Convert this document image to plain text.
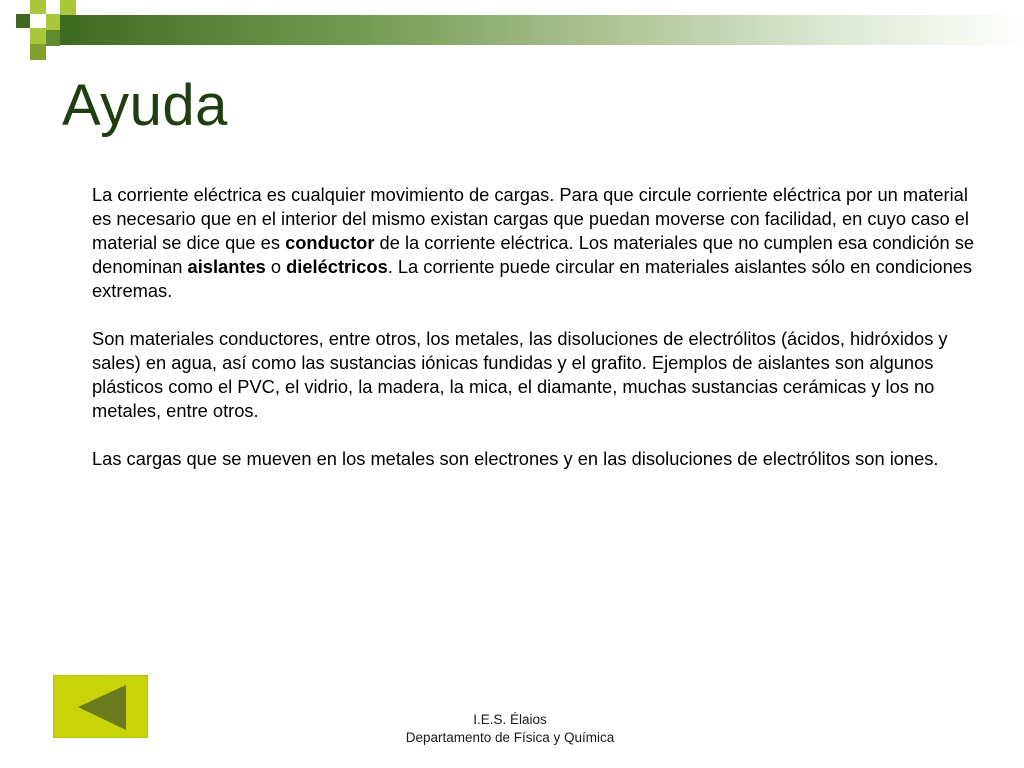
Ayuda

La corriente eléctrica es cualquier movimiento de cargas. Para que circule corriente eléctrica por un material es necesario que en el interior del mismo existan cargas que puedan moverse con facilidad, en cuyo caso el material se dice que es conductor de la corriente eléctrica. Los materiales que no cumplen esa condición se denominan aislantes o dieléctricos. La corriente puede circular en materiales aislantes sólo en condiciones extremas.

Son materiales conductores, entre otros, los metales, las disoluciones de electrólitos (ácidos, hidróxidos y sales) en agua, así como las sustancias iónicas fundidas y el grafito. Ejemplos de aislantes son algunos plásticos como el PVC, el vidrio, la madera, la mica, el diamante, muchas sustancias cerámicas y los no metales, entre otros.

Las cargas que se mueven en los metales son electrones y en las disoluciones de electrólitos son iones.

I.E.S. Élaios
Departamento de Física y Química
